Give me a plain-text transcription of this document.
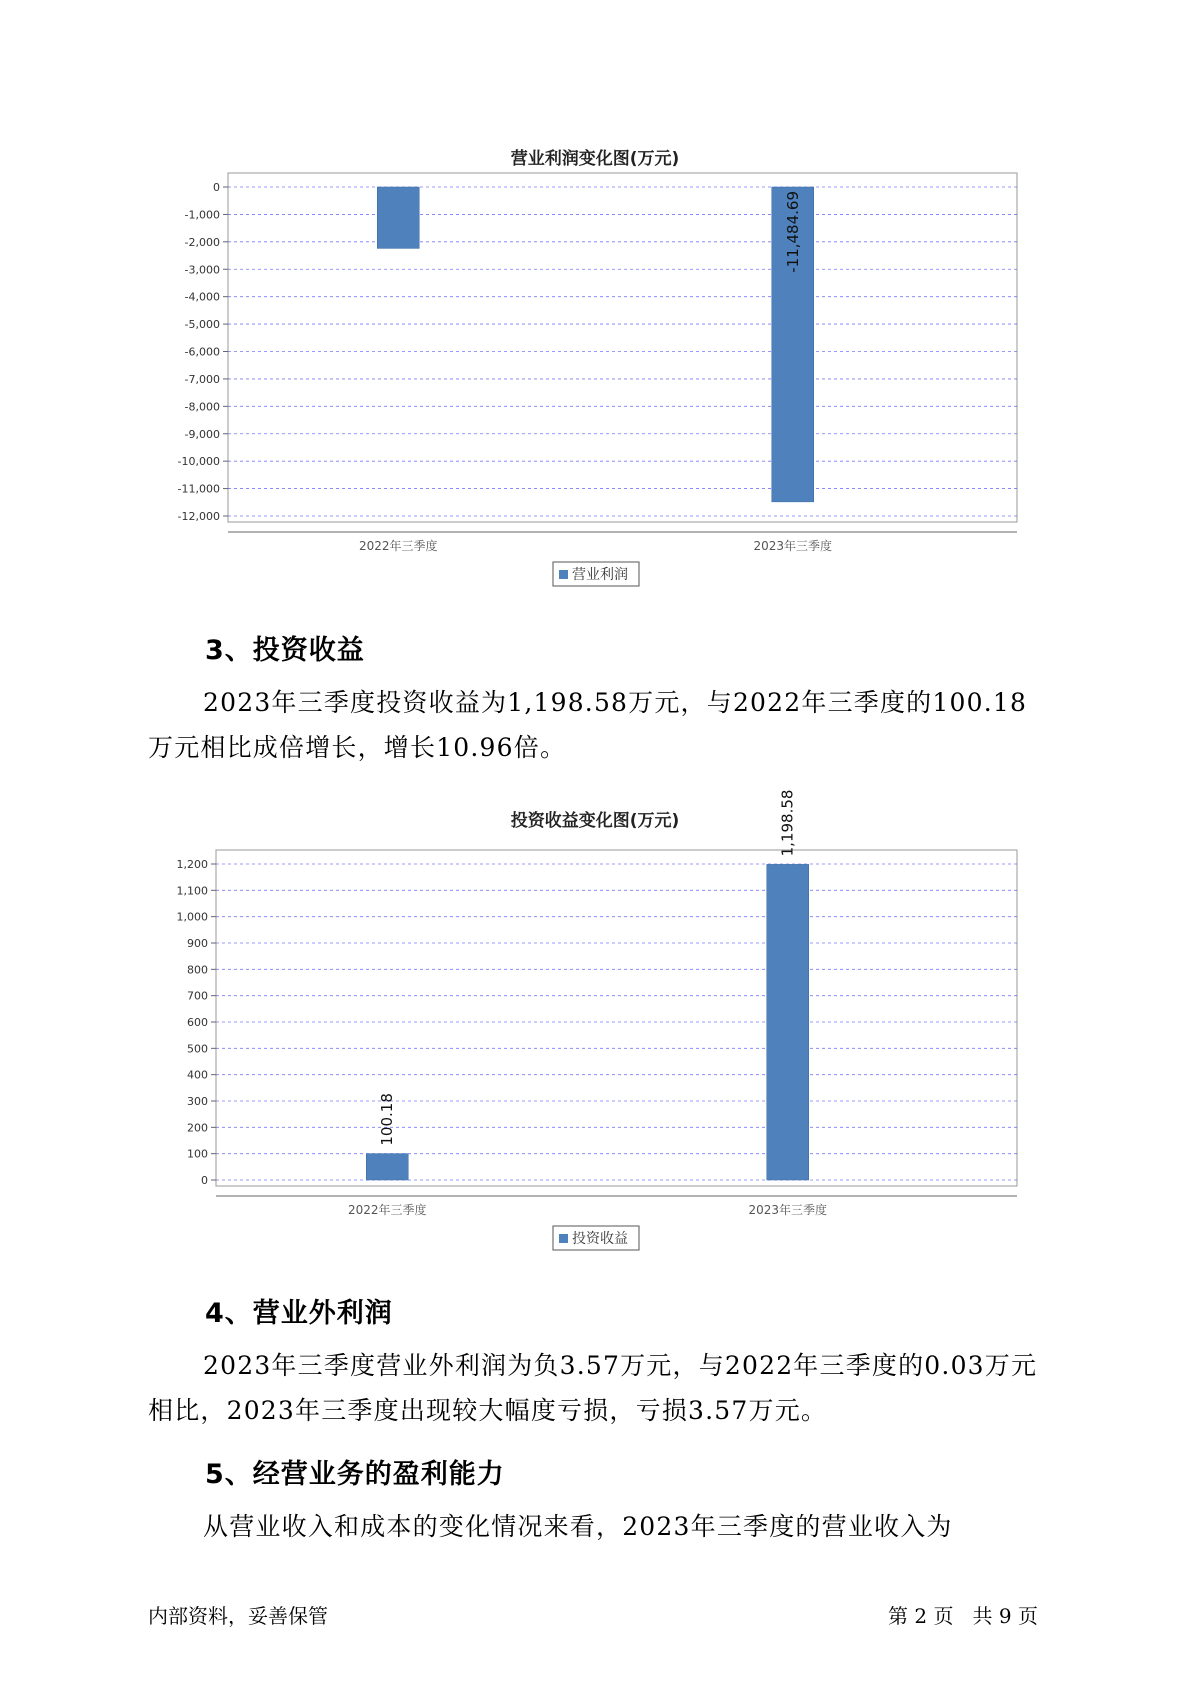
营业利润变化图(万元)
0
-1,000
-2,000
-3,000
-4,000
-5,000
-6,000
-7,000
-8,000
-9,000
-10,000
-11,000
-12,000
2022年三季度	2023年三季度
-11,484.69
营业利润
3、投资收益

2023年三季度投资收益为1,198.58万元，与2022年三季度的100.18万元相比成倍增长，增长10.96倍。

投资收益变化图(万元)
1,200
1,100
1,000
900
800
700
600
500
400
300
200
100
0
2022年三季度
100.18
2023年三季度
1,198.58
投资收益
4、营业外利润

2023年三季度营业外利润为负3.57万元，与2022年三季度的0.03万元相比，2023年三季度出现较大幅度亏损，亏损3.57万元。

5、经营业务的盈利能力

从营业收入和成本的变化情况来看，2023年三季度的营业收入为

内部资料，妥善保管	第 2 页   共 9 页
